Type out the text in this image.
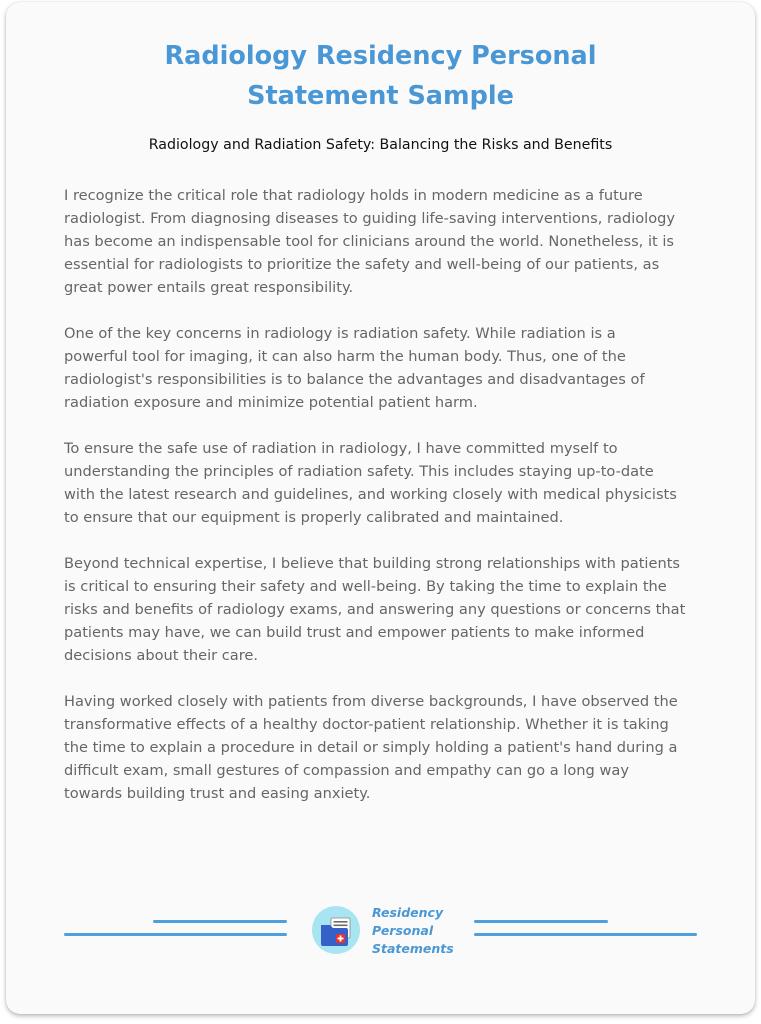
Radiology Residency Personal
Statement Sample
Radiology and Radiation Safety: Balancing the Risks and Benefits

I recognize the critical role that radiology holds in modern medicine as a future
radiologist. From diagnosing diseases to guiding life-saving interventions, radiology
has become an indispensable tool for clinicians around the world. Nonetheless, it is
essential for radiologists to prioritize the safety and well-being of our patients, as
great power entails great responsibility.

One of the key concerns in radiology is radiation safety. While radiation is a
powerful tool for imaging, it can also harm the human body. Thus, one of the
radiologist's responsibilities is to balance the advantages and disadvantages of
radiation exposure and minimize potential patient harm.

To ensure the safe use of radiation in radiology, I have committed myself to
understanding the principles of radiation safety. This includes staying up-to-date
with the latest research and guidelines, and working closely with medical physicists
to ensure that our equipment is properly calibrated and maintained.

Beyond technical expertise, I believe that building strong relationships with patients
is critical to ensuring their safety and well-being. By taking the time to explain the
risks and benefits of radiology exams, and answering any questions or concerns that
patients may have, we can build trust and empower patients to make informed
decisions about their care.

Having worked closely with patients from diverse backgrounds, I have observed the
transformative effects of a healthy doctor-patient relationship. Whether it is taking
the time to explain a procedure in detail or simply holding a patient's hand during a
difficult exam, small gestures of compassion and empathy can go a long way
towards building trust and easing anxiety.

Residency
Personal
Statements
